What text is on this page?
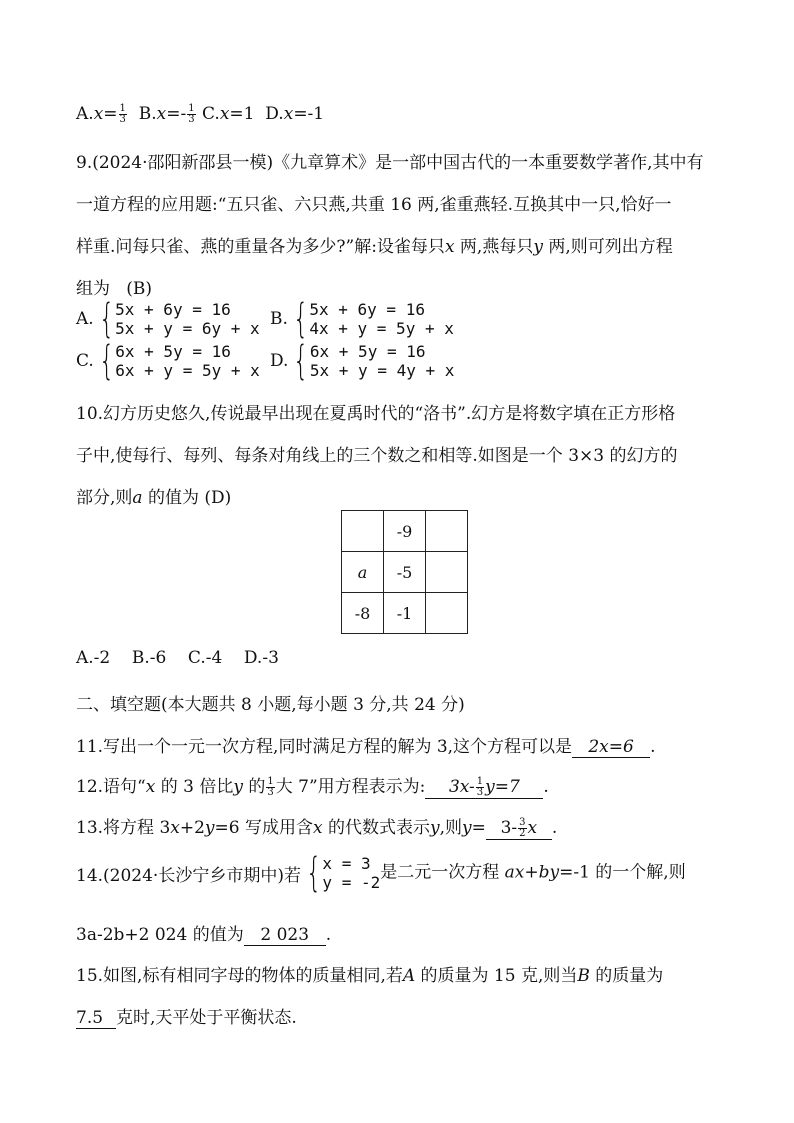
$A.x= \frac{1}{3} B.x=- \frac{1}{3} C.x=1$ D.x=-1
9.(2024·邵阳新邵县一模)《九章算术》是一部中国古代的一本重要数学著作,其中有
一道方程的应用题:“五只雀、六只燕,共重 16 两,雀重燕轻.互换其中一只,恰好一
样重.问每只雀、燕的重量各为多少?”解:设雀每只x 两,燕每只y 两,则可列出方程
组为 (B)
A. { 5x + 6y = 16
5x + y = 6y + x B. { 5x + 6y = 16
4x + y = 5y + x
C. { 6x + 5y = 16
6x + y = 5y + x D. { 6x + 5y = 16
5x + y = 4y + x
10.幻方历史悠久,传说最早出现在夏禹时代的“洛书”.幻方是将数字填在正方形格
子中,使每行、每列、每条对角线上的三个数之和相等.如图是一个 3×3 的幻方的
部分,则a 的值为 (D)
	-9	
a	-5	
-8	-1	
A.-2    B.-6    C.-4    D.-3
二、填空题(本大题共 8 小题,每小题 3 分,共 24 分)
11.写出一个一元一次方程,同时满足方程的解为 3,这个方程可以是 2x=6 .
12.语句“x 的 3 倍比y 的 $\frac{1}{3}$ 大 7”用方程表示为: $3x- \frac{1}{3} y=7$ .
13.将方程 3x+2y=6 写成用含x 的代数式表示y,则$y= 3- \frac{3}{2}$ x .
14.(2024·长沙宁乡市期中)若 { x = 3
y = -2 是二元一次方程 ax+by=-1 的一个解,则
3a-2b+2 024 的值为 2 023 .
15.如图,标有相同字母的物体的质量相同,若A 的质量为 15 克,则当B 的质量为
7.5 克时,天平处于平衡状态.
